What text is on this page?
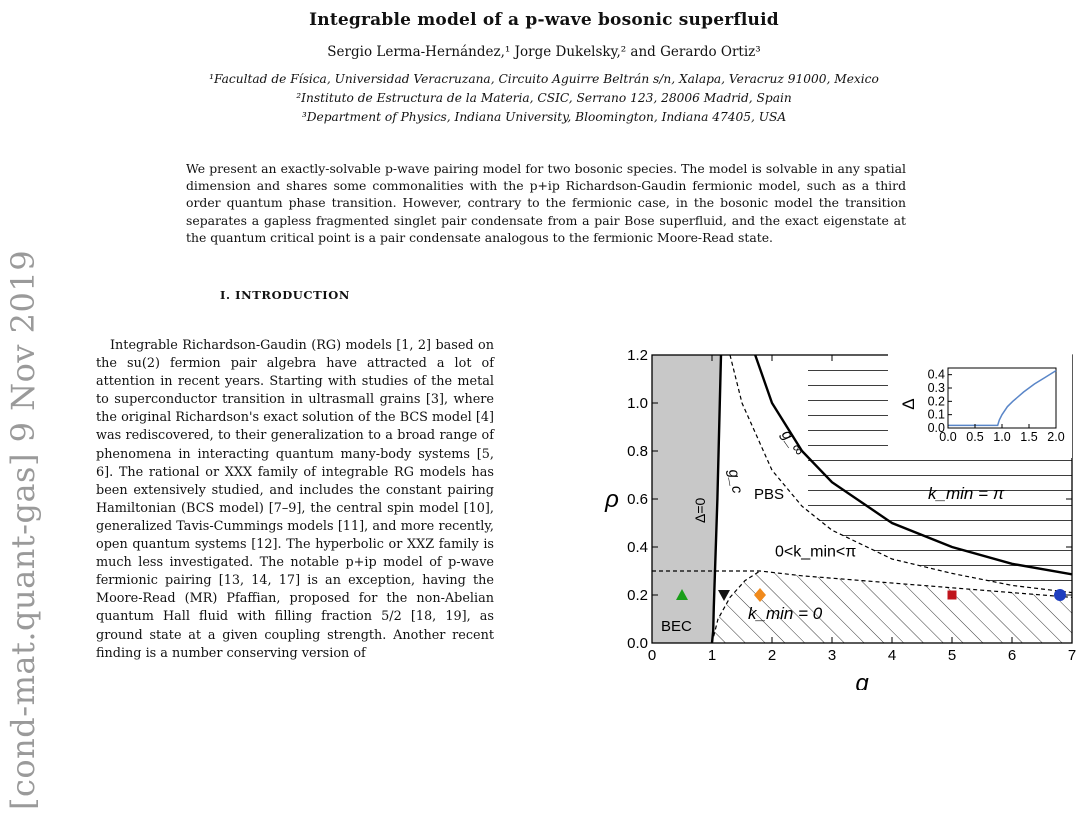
Integrable model of a p-wave bosonic superfluid
Sergio Lerma-Hernández,¹ Jorge Dukelsky,² and Gerardo Ortiz³
¹Facultad de Física, Universidad Veracruzana, Circuito Aguirre Beltrán s/n, Xalapa, Veracruz 91000, Mexico
²Instituto de Estructura de la Materia, CSIC, Serrano 123, 28006 Madrid, Spain
³Department of Physics, Indiana University, Bloomington, Indiana 47405, USA
We present an exactly-solvable p-wave pairing model for two bosonic species. The model is solvable in any spatial dimension and shares some commonalities with the p+ip Richardson-Gaudin fermionic model, such as a third order quantum phase transition. However, contrary to the fermionic case, in the bosonic model the transition separates a gapless fragmented singlet pair condensate from a pair Bose superfluid, and the exact eigenstate at the quantum critical point is a pair condensate analogous to the fermionic Moore-Read state.
[cond-mat.quant-gas] 9 Nov 2019	I. INTRODUCTION

Integrable Richardson-Gaudin (RG) models [1, 2] based on the su(2) fermion pair algebra have attracted a lot of attention in recent years. Starting with studies of the metal to superconductor transition in ultrasmall grains [3], where the original Richardson's exact solution of the BCS model [4] was rediscovered, to their generalization to a broad range of phenomena in interacting quantum many-body systems [5, 6]. The rational or XXX family of integrable RG models has been extensively studied, and includes the constant pairing Hamiltonian (BCS model) [7–9], the central spin model [10], generalized Tavis-Cummings models [11], and more recently, open quantum systems [12]. The hyperbolic or XXZ family is much less investigated. The notable p+ip model of p-wave fermionic pairing [13, 14, 17] is an exception, having the Moore-Read (MR) Pfaffian, proposed for the non-Abelian quantum Hall fluid with filling fraction 5/2 [18, 19], as ground state at a given coupling strength. Another recent finding is a number conserving version of	0	1	2	3	4	5	6	7
0.0
0.2
0.4
0.6
0.8
1.0
1.2
g
ρ
g_c
g_∞
Δ=0
PBS
BEC
k_min = π
0<k_min<π
k_min = 0
0.0 0.5 1.0 1.5 2.0
0.0
0.1
0.2
0.3
0.4
Δ
